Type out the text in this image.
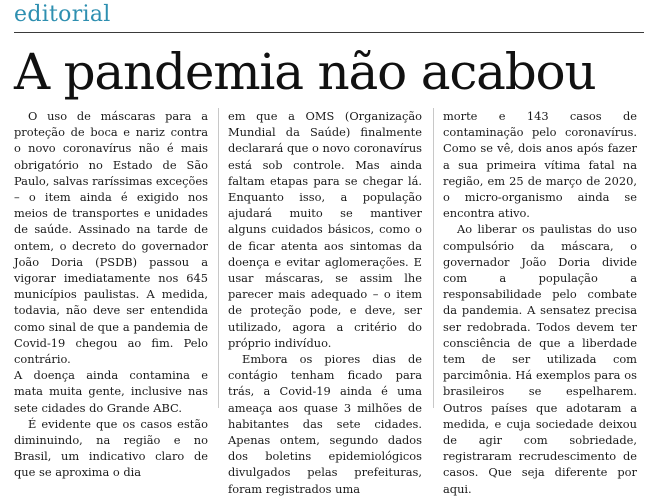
editorial
A pandemia não acabou

O uso de máscaras para a proteção de boca e nariz contra o novo coronavírus não é mais obrigatório no Estado de São Paulo, salvas raríssimas exceções – o item ainda é exigido nos meios de transportes e unidades de saúde. Assinado na tarde de ontem, o decreto do governador João Doria (PSDB) passou a vigorar imediatamente nos 645 municípios paulistas. A medida, todavia, não deve ser entendida como sinal de que a pandemia de Covid-19 chegou ao fim. Pelo contrário.

A doença ainda contamina e mata muita gente, inclusive nas sete cidades do Grande ABC.

É evidente que os casos estão diminuindo, na região e no Brasil, um indicativo claro de que se aproxima o dia

em que a OMS (Organização Mundial da Saúde) finalmente declarará que o novo coronavírus está sob controle. Mas ainda faltam etapas para se chegar lá. Enquanto isso, a população ajudará muito se mantiver alguns cuidados básicos, como o de ficar atenta aos sintomas da doença e evitar aglomerações. E usar máscaras, se assim lhe parecer mais adequado – o item de proteção pode, e deve, ser utilizado, agora a critério do próprio indivíduo.

Embora os piores dias de contágio tenham ficado para trás, a Covid-19 ainda é uma ameaça aos quase 3 milhões de habitantes das sete cidades. Apenas ontem, segundo dados dos boletins epidemiológicos divulgados pelas prefeituras, foram registrados uma

morte e 143 casos de contaminação pelo coronavírus. Como se vê, dois anos após fazer a sua primeira vítima fatal na região, em 25 de março de 2020, o micro-organismo ainda se encontra ativo.

Ao liberar os paulistas do uso compulsório da máscara, o governador João Doria divide com a população a responsabilidade pelo combate da pandemia. A sensatez precisa ser redobrada. Todos devem ter consciência de que a liberdade tem de ser utilizada com parcimônia. Há exemplos para os brasileiros se espelharem. Outros países que adotaram a medida, e cuja sociedade deixou de agir com sobriedade, registraram recrudescimento de casos. Que seja diferente por aqui.
